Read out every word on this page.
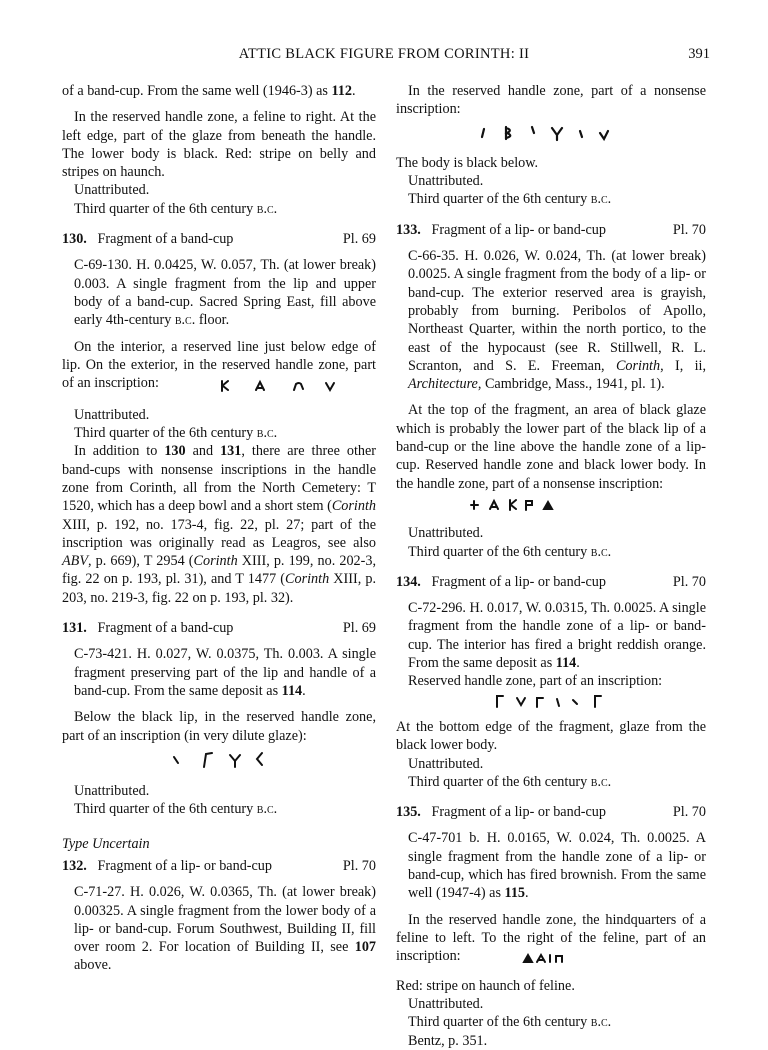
ATTIC BLACK FIGURE FROM CORINTH: II	391

of a band-cup. From the same well (1946-3) as 112.

In the reserved handle zone, a feline to right. At the left edge, part of the glaze from beneath the handle. The lower body is black. Red: stripe on belly and stripes on haunch.

Unattributed.

Third quarter of the 6th century b.c.

130. Fragment of a band-cup	Pl. 69

C-69-130. H. 0.0425, W. 0.057, Th. (at lower break) 0.003. A single fragment from the lip and upper body of a band-cup. Sacred Spring East, fill above early 4th-century b.c. floor.

On the interior, a reserved line just below edge of lip. On the exterior, in the reserved handle zone, part of an inscription:

Unattributed.

Third quarter of the 6th century b.c.

In addition to 130 and 131, there are three other band-cups with nonsense inscriptions in the handle zone from Corinth, all from the North Cemetery: T 1520, which has a deep bowl and a short stem (Corinth XIII, p. 192, no. 173-4, fig. 22, pl. 27; part of the inscription was originally read as Leagros, see also ABV, p. 669), T 2954 (Corinth XIII, p. 199, no. 202-3, fig. 22 on p. 193, pl. 31), and T 1477 (Corinth XIII, p. 203, no. 219-3, fig. 22 on p. 193, pl. 32).

131. Fragment of a band-cup	Pl. 69

C-73-421. H. 0.027, W. 0.0375, Th. 0.003. A single fragment preserving part of the lip and handle of a band-cup. From the same deposit as 114.

Below the black lip, in the reserved handle zone, part of an inscription (in very dilute glaze):

Unattributed.

Third quarter of the 6th century b.c.

Type Uncertain

132. Fragment of a lip- or band-cup	Pl. 70

C-71-27. H. 0.026, W. 0.0365, Th. (at lower break) 0.00325. A single fragment from the lower body of a lip- or band-cup. Forum Southwest, Building II, fill over room 2. For location of Building II, see 107 above.

In the reserved handle zone, part of a nonsense inscription:

The body is black below.

Unattributed.

Third quarter of the 6th century b.c.

133. Fragment of a lip- or band-cup	Pl. 70

C-66-35. H. 0.026, W. 0.024, Th. (at lower break) 0.0025. A single fragment from the body of a lip- or band-cup. The exterior reserved area is grayish, probably from burning. Peribolos of Apollo, Northeast Quarter, within the north portico, to the east of the hypocaust (see R. Stillwell, R. L. Scranton, and S. E. Freeman, Corinth, I, ii, Architecture, Cambridge, Mass., 1941, pl. 1).

At the top of the fragment, an area of black glaze which is probably the lower part of the black lip of a band-cup or the line above the handle zone of a lip-cup. Reserved handle zone and black lower body. In the handle zone, part of a nonsense inscription:

Unattributed.

Third quarter of the 6th century b.c.

134. Fragment of a lip- or band-cup	Pl. 70

C-72-296. H. 0.017, W. 0.0315, Th. 0.0025. A single fragment from the handle zone of a lip- or band-cup. The interior has fired a bright reddish orange. From the same deposit as 114.

Reserved handle zone, part of an inscription:

At the bottom edge of the fragment, glaze from the black lower body.

Unattributed.

Third quarter of the 6th century b.c.

135. Fragment of a lip- or band-cup	Pl. 70

C-47-701 b. H. 0.0165, W. 0.024, Th. 0.0025. A single fragment from the handle zone of a lip- or band-cup, which has fired brownish. From the same well (1947-4) as 115.

In the reserved handle zone, the hindquarters of a feline to left. To the right of the feline, part of an inscription:

Red: stripe on haunch of feline.

Unattributed.

Third quarter of the 6th century b.c.

Bentz, p. 351.
